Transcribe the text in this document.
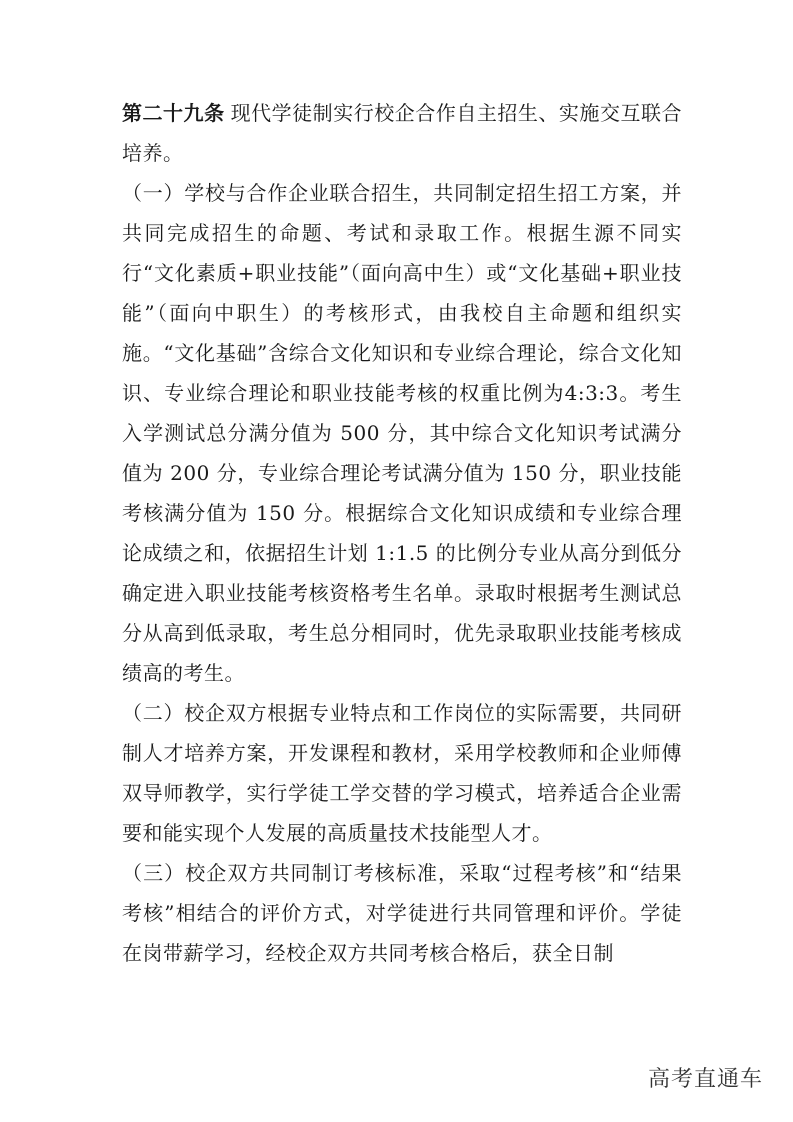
第二十九条 现代学徒制实行校企合作自主招生、实施交互联合培养。

（一）学校与合作企业联合招生，共同制定招生招工方案，并共同完成招生的命题、考试和录取工作。根据生源不同实行“文化素质+职业技能”（面向高中生）或“文化基础+职业技能”（面向中职生）的考核形式，由我校自主命题和组织实施。“文化基础”含综合文化知识和专业综合理论，综合文化知识、专业综合理论和职业技能考核的权重比例为4:3:3。考生入学测试总分满分值为 500 分，其中综合文化知识考试满分值为 200 分，专业综合理论考试满分值为 150 分，职业技能考核满分值为 150 分。根据综合文化知识成绩和专业综合理论成绩之和，依据招生计划 1:1.5 的比例分专业从高分到低分确定进入职业技能考核资格考生名单。录取时根据考生测试总分从高到低录取，考生总分相同时，优先录取职业技能考核成绩高的考生。

（二）校企双方根据专业特点和工作岗位的实际需要，共同研制人才培养方案，开发课程和教材，采用学校教师和企业师傅双导师教学，实行学徒工学交替的学习模式，培养适合企业需要和能实现个人发展的高质量技术技能型人才。

（三）校企双方共同制订考核标准，采取“过程考核”和“结果考核”相结合的评价方式，对学徒进行共同管理和评价。学徒在岗带薪学习，经校企双方共同考核合格后，获全日制

高考直通车
